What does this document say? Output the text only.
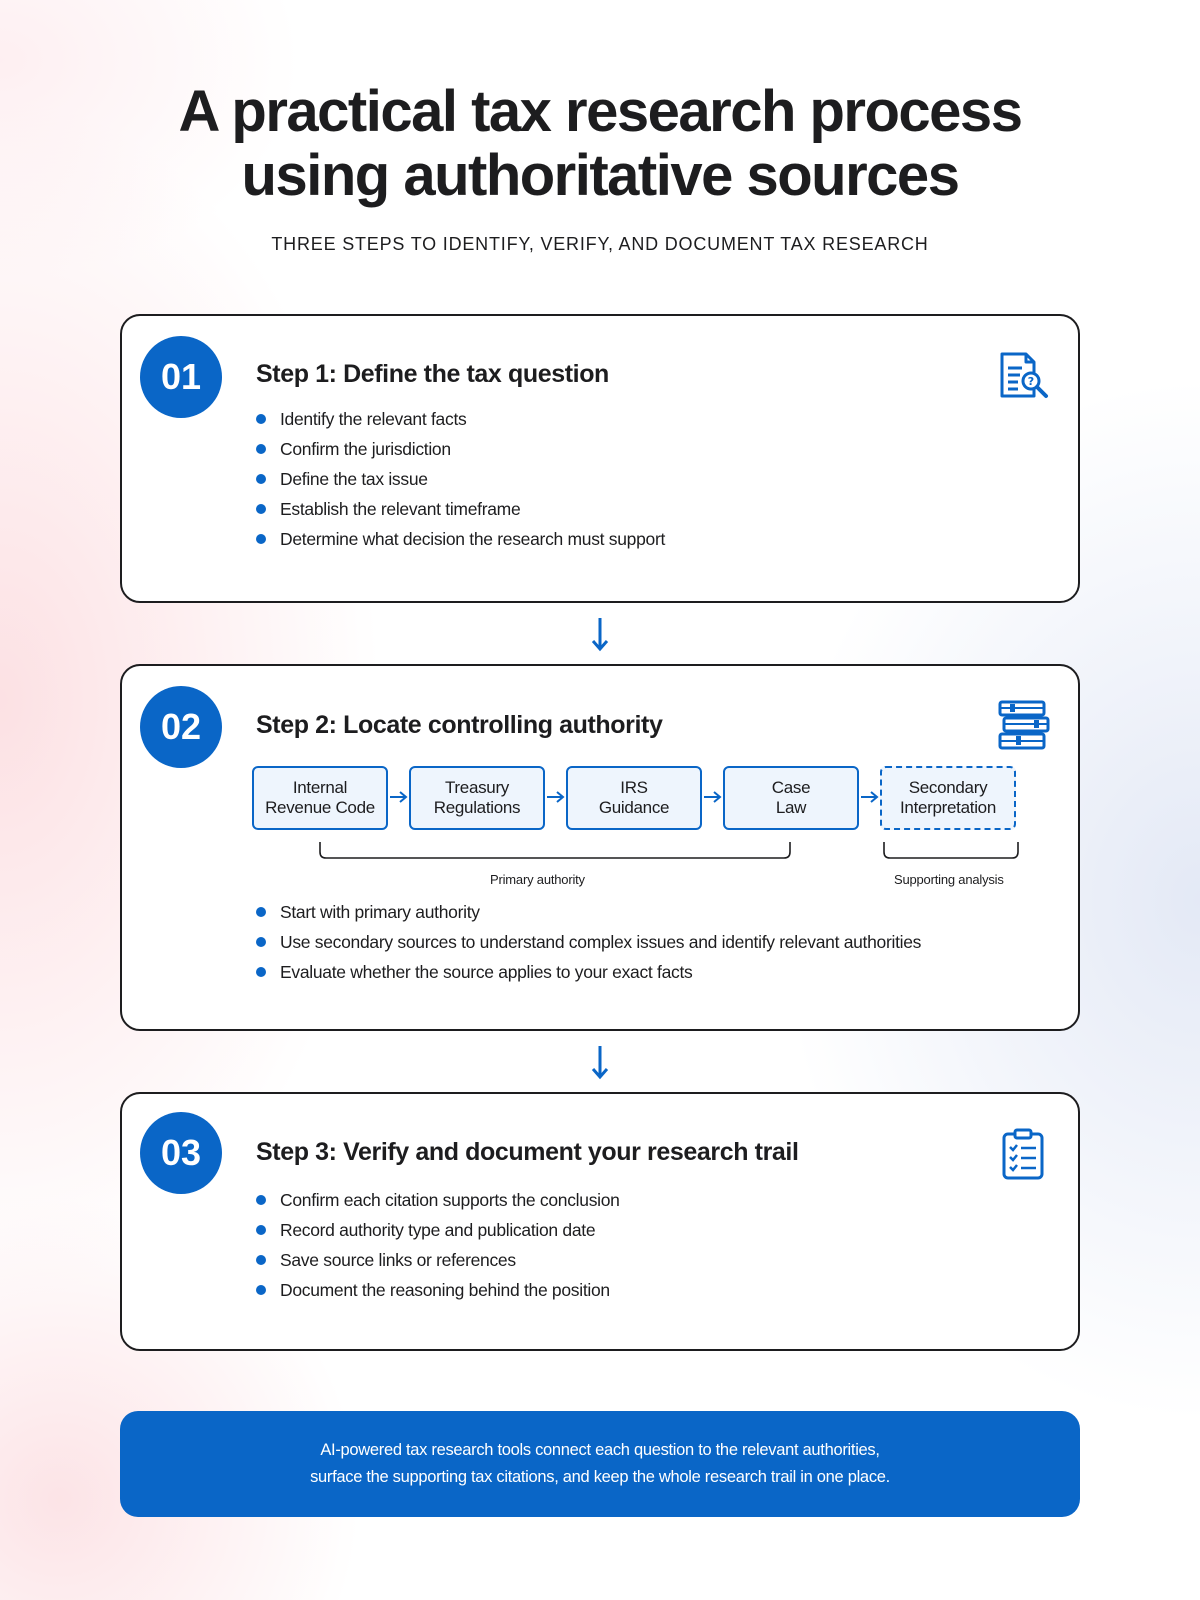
A practical tax research process
using authoritative sources
THREE STEPS TO IDENTIFY, VERIFY, AND DOCUMENT TAX RESEARCH
01	Step 1: Define the tax question	?
Identify the relevant facts
Confirm the jurisdiction
Define the tax issue
Establish the relevant timeframe
Determine what decision the research must support
02	Step 2: Locate controlling authority
Internal
Revenue Code
Treasury
Regulations
IRS
Guidance
Case
Law
Secondary
Interpretation
Primary authority	Supporting analysis
Start with primary authority
Use secondary sources to understand complex issues and identify relevant authorities
Evaluate whether the source applies to your exact facts
03	Step 3: Verify and document your research trail
Confirm each citation supports the conclusion
Record authority type and publication date
Save source links or references
Document the reasoning behind the position
AI-powered tax research tools connect each question to the relevant authorities,
surface the supporting tax citations, and keep the whole research trail in one place.
